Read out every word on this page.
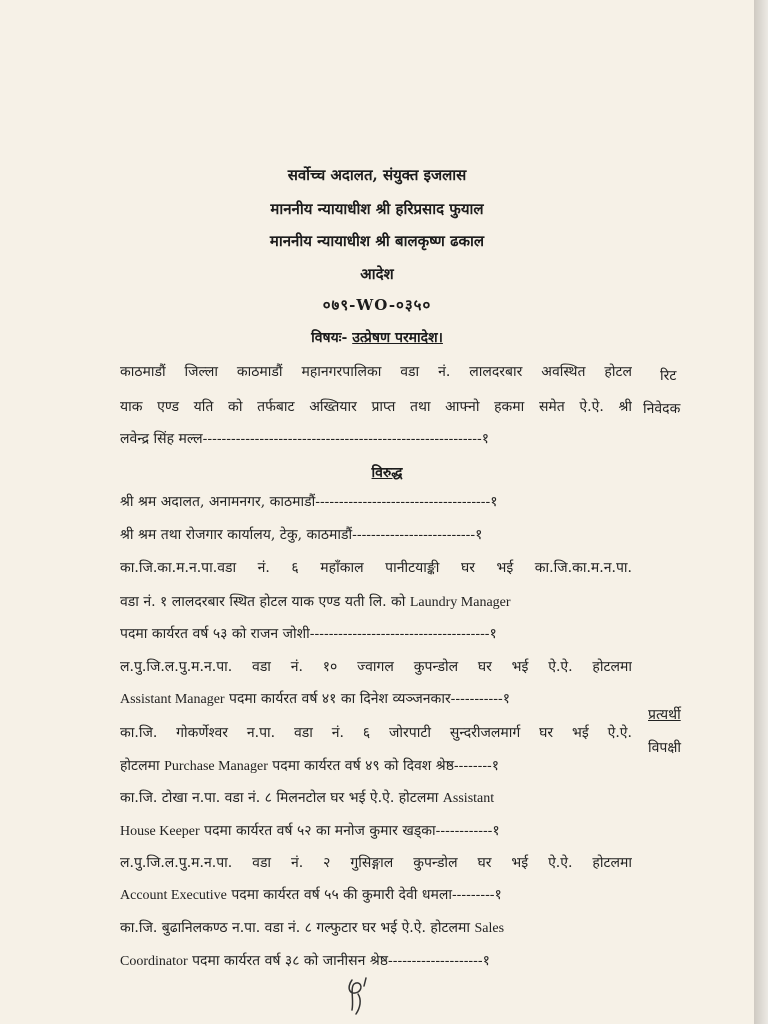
सर्वोच्च अदालत, संयुक्त इजलास
माननीय न्यायाधीश श्री हरिप्रसाद फुयाल
माननीय न्यायाधीश श्री बालकृष्ण ढकाल
आदेश
०७९-WO-०३५०
विषयः- उत्प्रेषण परमादेश।
काठमाडौं जिल्ला काठमाडौं महानगरपालिका वडा नं. लालदरबार अवस्थित होटल
याक एण्ड यति को तर्फबाट अख्तियार प्राप्त तथा आफ्नो हकमा समेत ऐ.ऐ. श्री
लवेन्द्र सिंह मल्ल-----------------------------------------------------------१
रिट
निवेदक
विरुद्ध
श्री श्रम अदालत, अनामनगर, काठमाडौं-------------------------------------१
श्री श्रम तथा रोजगार कार्यालय, टेकु, काठमाडौं--------------------------१
का.जि.का.म.न.पा.वडा नं. ६ महाँकाल पानीटयाङ्की घर भई का.जि.का.म.न.पा.
वडा नं. १ लालदरबार स्थित होटल याक एण्ड यती लि. को Laundry Manager
पदमा कार्यरत वर्ष ५३ को राजन जोशी--------------------------------------१
ल.पु.जि.ल.पु.म.न.पा. वडा नं. १० ज्वागल कुपन्डोल घर भई ऐ.ऐ. होटलमा
Assistant Manager पदमा कार्यरत वर्ष ४१ का दिनेश व्यञ्जनकार-----------१
का.जि. गोकर्णेश्वर न.पा. वडा नं. ६ जोरपाटी सुन्दरीजलमार्ग घर भई ऐ.ऐ.
होटलमा Purchase Manager पदमा कार्यरत वर्ष ४९ को दिवश श्रेष्ठ--------१
का.जि. टोखा न.पा. वडा नं. ८ मिलनटोल घर भई ऐ.ऐ. होटलमा Assistant
House Keeper पदमा कार्यरत वर्ष ५२ का मनोज कुमार खड्का------------१
ल.पु.जि.ल.पु.म.न.पा. वडा नं. २ गुसिङ्गाल कुपन्डोल घर भई ऐ.ऐ. होटलमा
Account Executive पदमा कार्यरत वर्ष ५५ की कुमारी देवी धमला---------१
का.जि. बुढानिलकण्ठ न.पा. वडा नं. ८ गल्फुटार घर भई ऐ.ऐ. होटलमा Sales
Coordinator पदमा कार्यरत वर्ष ३८ को जानीसन श्रेष्ठ--------------------१
प्रत्यर्थी
विपक्षी
